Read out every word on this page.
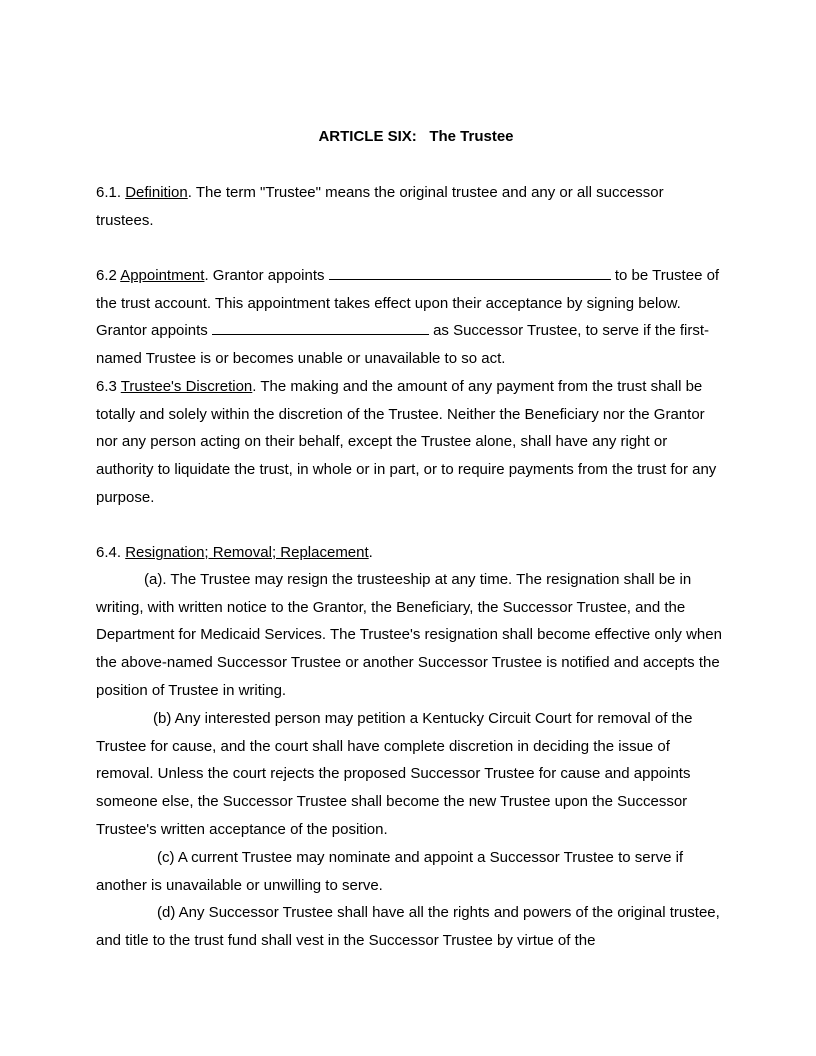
ARTICLE SIX: The Trustee

6.1. Definition. The term "Trustee" means the original trustee and any or all successor trustees.

6.2 Appointment. Grantor appoints	to be Trustee of the trust account. This appointment takes effect upon their acceptance by signing below. Grantor appoints	as Successor Trustee, to serve if the first-named Trustee is or becomes unable or unavailable to so act.
6.3 Trustee's Discretion. The making and the amount of any payment from the trust shall be totally and solely within the discretion of the Trustee. Neither the Beneficiary nor the Grantor nor any person acting on their behalf, except the Trustee alone, shall have any right or authority to liquidate the trust, in whole or in part, or to require payments from the trust for any purpose.

6.4. Resignation; Removal; Replacement.

(a). The Trustee may resign the trusteeship at any time. The resignation shall be in writing, with written notice to the Grantor, the Beneficiary, the Successor Trustee, and the Department for Medicaid Services. The Trustee's resignation shall become effective only when the above-named Successor Trustee or another Successor Trustee is notified and accepts the position of Trustee in writing.

(b) Any interested person may petition a Kentucky Circuit Court for removal of the Trustee for cause, and the court shall have complete discretion in deciding the issue of removal. Unless the court rejects the proposed Successor Trustee for cause and appoints someone else, the Successor Trustee shall become the new Trustee upon the Successor Trustee's written acceptance of the position.

(c) A current Trustee may nominate and appoint a Successor Trustee to serve if another is unavailable or unwilling to serve.

(d) Any Successor Trustee shall have all the rights and powers of the original trustee, and title to the trust fund shall vest in the Successor Trustee by virtue of the
